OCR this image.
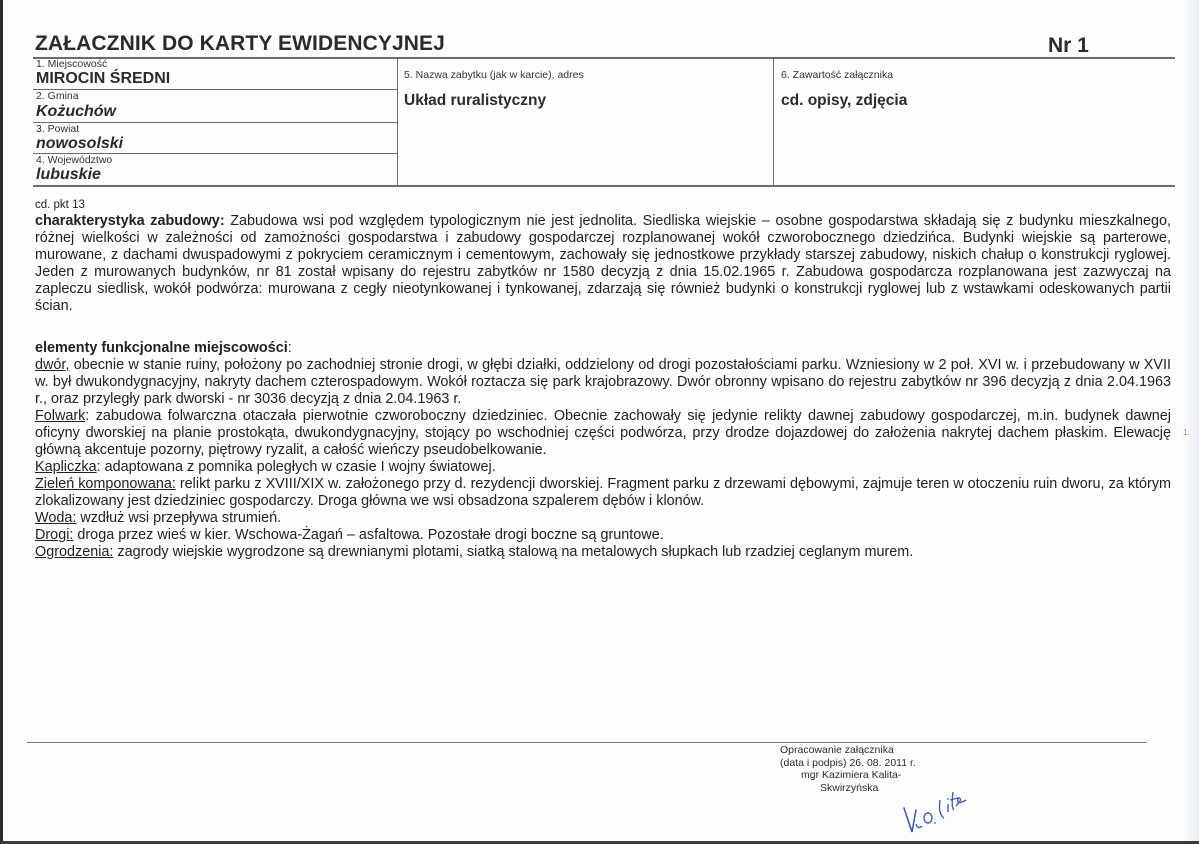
ZAŁACZNIK DO KARTY EWIDENCYJNEJ	Nr 1
1. Miejscowość
MIROCIN ŚREDNI
2. Gmina
Kożuchów
3. Powiat
nowosolski
4. Województwo
lubuskie
5. Nazwa zabytku (jak w karcie), adres
Układ ruralistyczny
6. Zawartość załącznika
cd. opisy, zdjęcia

cd. pkt 13

charakterystyka zabudowy: Zabudowa wsi pod względem typologicznym nie jest jednolita. Siedliska wiejskie – osobne gospodarstwa składają się z budynku mieszkalnego, różnej wielkości w zależności od zamożności gospodarstwa i zabudowy gospodarczej rozplanowanej wokół czworobocznego dziedzińca. Budynki wiejskie są parterowe, murowane, z dachami dwuspadowymi z pokryciem ceramicznym i cementowym, zachowały się jednostkowe przykłady starszej zabudowy, niskich chałup o konstrukcji ryglowej. Jeden z murowanych budynków, nr 81 został wpisany do rejestru zabytków nr 1580 decyzją z dnia 15.02.1965 r. Zabudowa gospodarcza rozplanowana jest zazwyczaj na zapleczu siedlisk, wokół podwórza: murowana z cegły nieotynkowanej i tynkowanej, zdarzają się również budynki o konstrukcji ryglowej lub z wstawkami odeskowanych partii ścian.

elementy funkcjonalne miejscowości:

dwór, obecnie w stanie ruiny, położony po zachodniej stronie drogi, w głębi działki, oddzielony od drogi pozostałościami parku. Wzniesiony w 2 poł. XVI w. i przebudowany w XVII w. był dwukondygnacyjny, nakryty dachem czterospadowym. Wokół roztacza się park krajobrazowy. Dwór obronny wpisano do rejestru zabytków nr 396 decyzją z dnia 2.04.1963 r., oraz przyległy park dworski - nr 3036 decyzją z dnia 2.04.1963 r.

Folwark: zabudowa folwarczna otaczała pierwotnie czworoboczny dziedziniec. Obecnie zachowały się jedynie relikty dawnej zabudowy gospodarczej, m.in. budynek dawnej oficyny dworskiej na planie prostokąta, dwukondygnacyjny, stojący po wschodniej części podwórza, przy drodze dojazdowej do założenia nakrytej dachem płaskim. Elewację główną akcentuje pozorny, piętrowy ryzalit, a całość wieńczy pseudobelkowanie.

Kapliczka: adaptowana z pomnika poległych w czasie I wojny światowej.

Zieleń komponowana: relikt parku z XVIII/XIX w. założonego przy d. rezydencji dworskiej. Fragment parku z drzewami dębowymi, zajmuje teren w otoczeniu ruin dworu, za którym zlokalizowany jest dziedziniec gospodarczy. Droga główna we wsi obsadzona szpalerem dębów i klonów.

Woda: wzdłuż wsi przepływa strumień.

Drogi: droga przez wieś w kier. Wschowa-Żagań – asfaltowa. Pozostałe drogi boczne są gruntowe.

Ogrodzenia: zagrody wiejskie wygrodzone są drewnianymi plotami, siatką stalową na metalowych słupkach lub rzadziej ceglanym murem.

1.
Opracowanie załącznika
(data i podpis) 26. 08. 2011 r.
mgr Kazimiera Kalita-
Skwirzyńska
